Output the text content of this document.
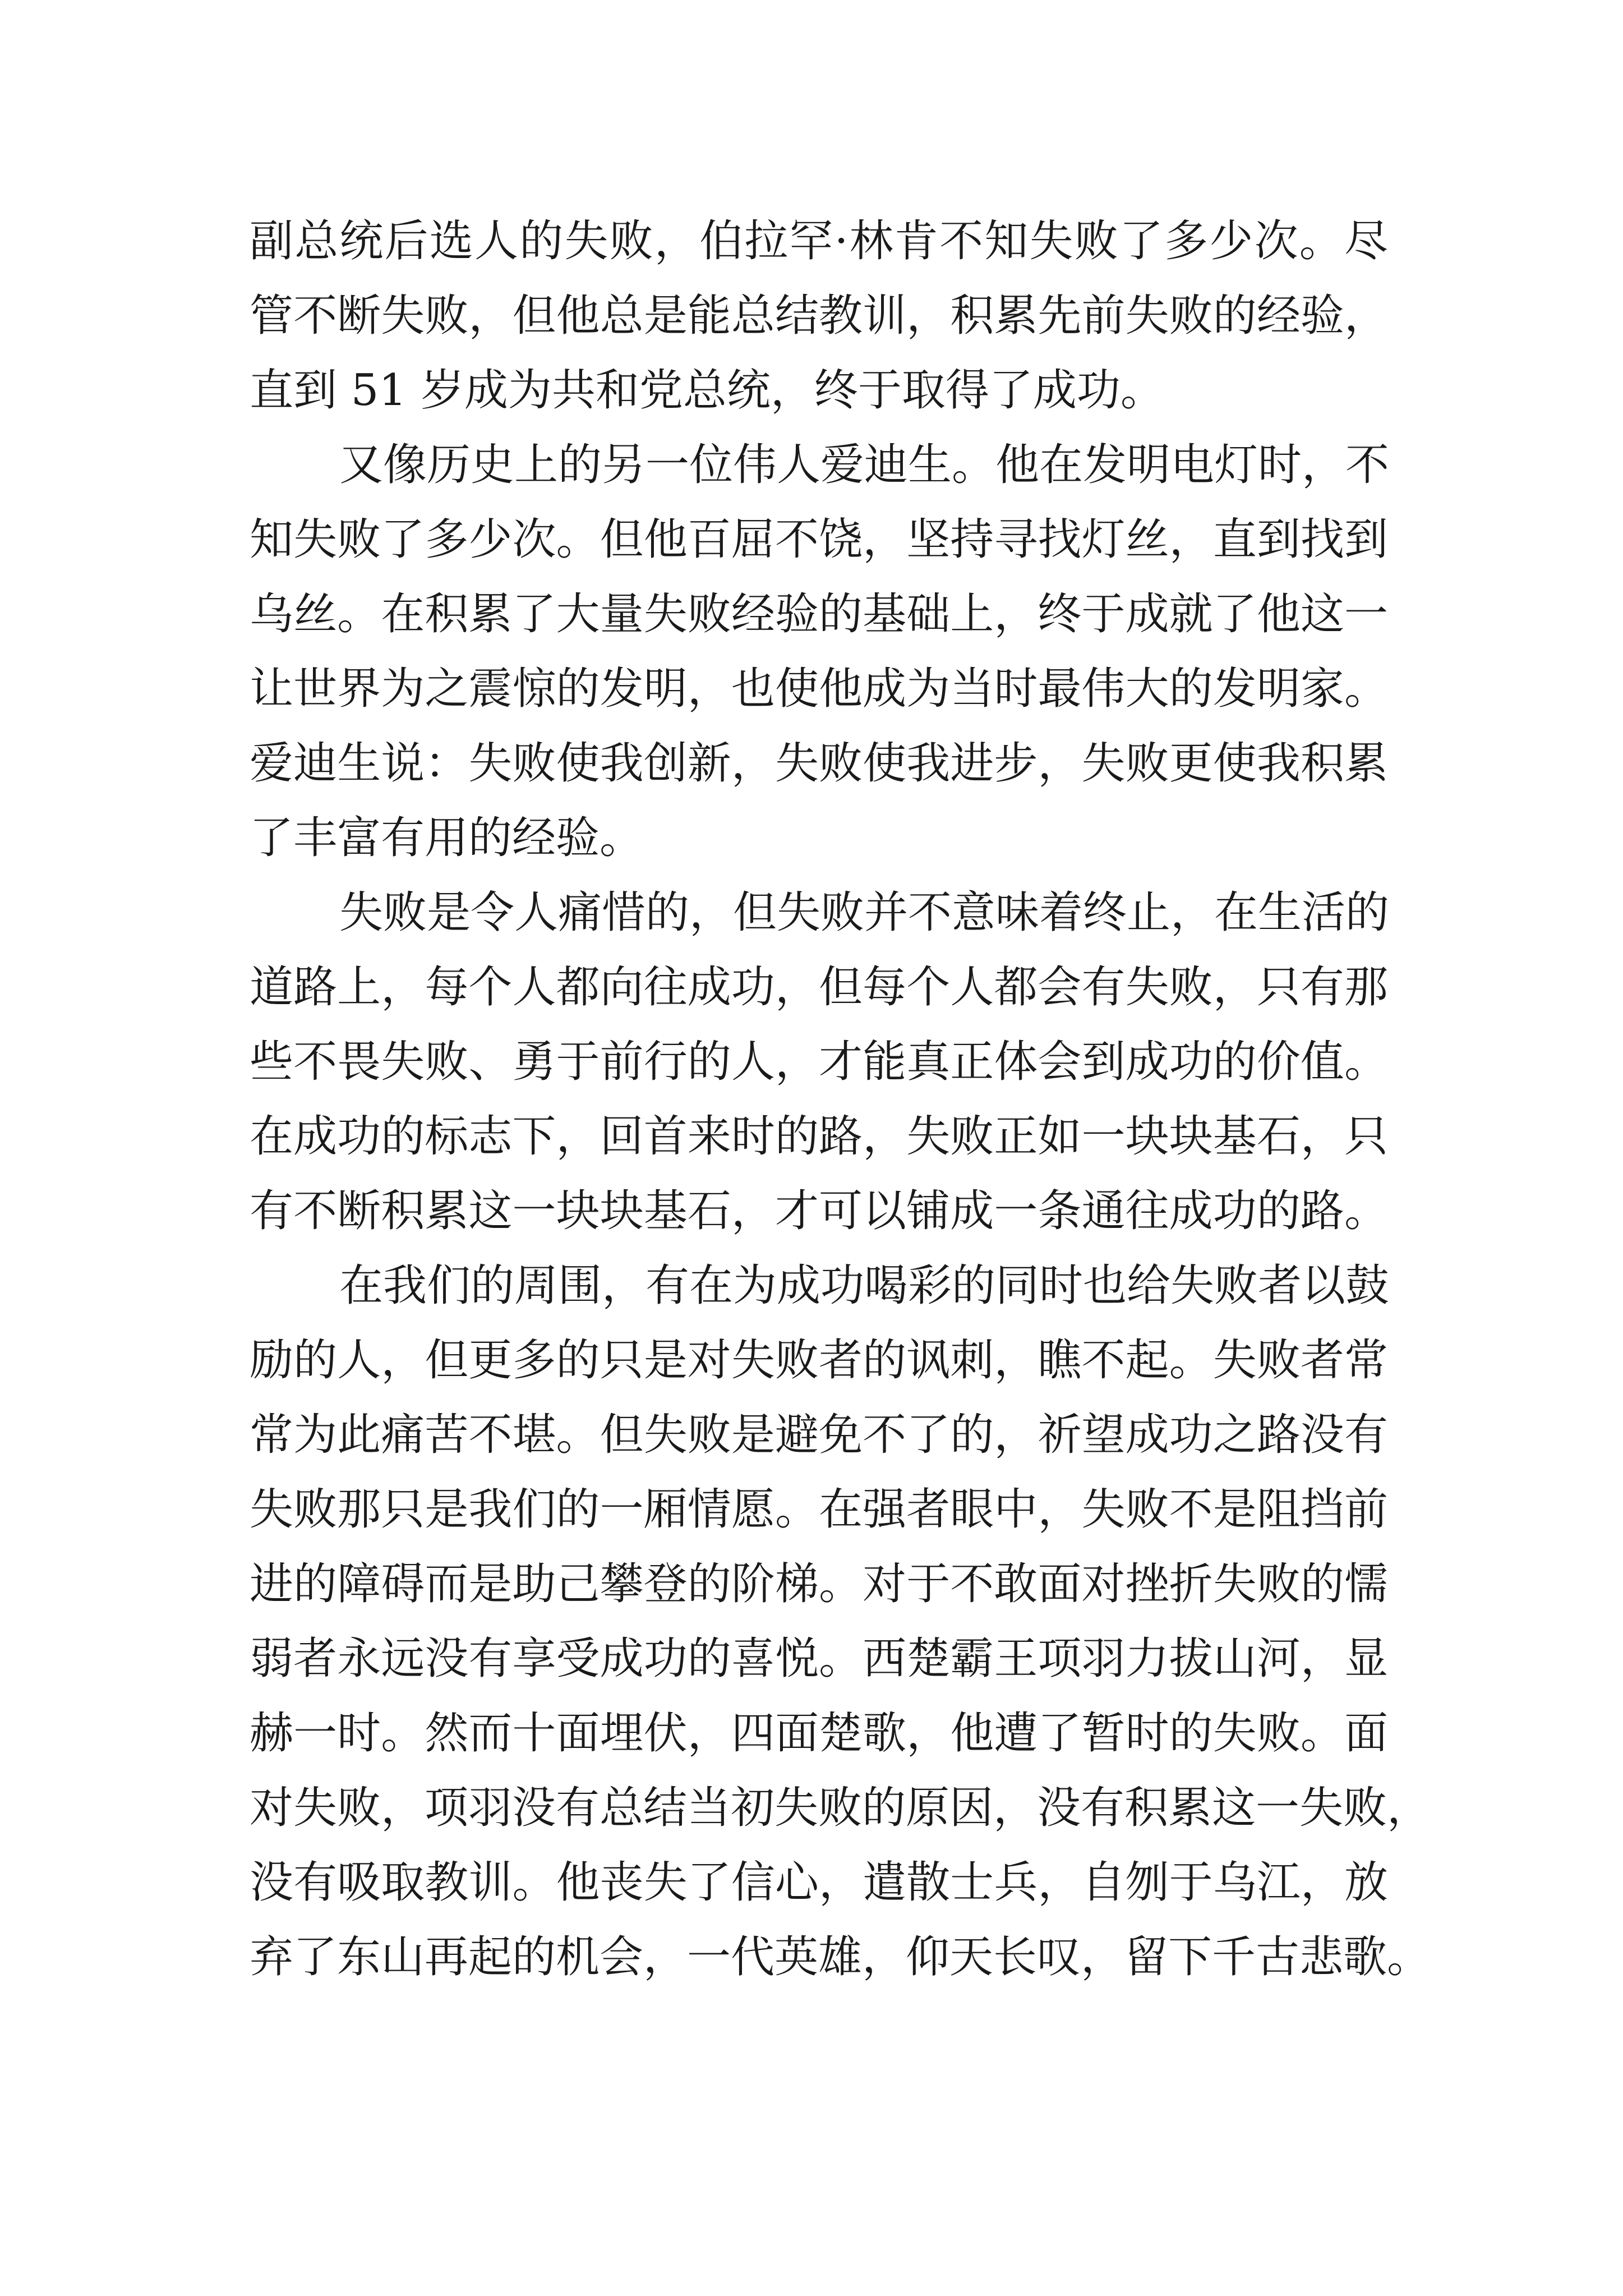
副总统后选人的失败，伯拉罕·林肯不知失败了多少次。尽
管不断失败，但他总是能总结教训，积累先前失败的经验，
直到 51 岁成为共和党总统，终于取得了成功。
又像历史上的另一位伟人爱迪生。他在发明电灯时，不
知失败了多少次。但他百屈不饶，坚持寻找灯丝，直到找到
乌丝。在积累了大量失败经验的基础上，终于成就了他这一
让世界为之震惊的发明，也使他成为当时最伟大的发明家。
爱迪生说：失败使我创新，失败使我进步，失败更使我积累
了丰富有用的经验。
失败是令人痛惜的，但失败并不意味着终止，在生活的
道路上，每个人都向往成功，但每个人都会有失败，只有那
些不畏失败、勇于前行的人，才能真正体会到成功的价值。
在成功的标志下，回首来时的路，失败正如一块块基石，只
有不断积累这一块块基石，才可以铺成一条通往成功的路。
在我们的周围，有在为成功喝彩的同时也给失败者以鼓
励的人，但更多的只是对失败者的讽刺，瞧不起。失败者常
常为此痛苦不堪。但失败是避免不了的，祈望成功之路没有
失败那只是我们的一厢情愿。在强者眼中，失败不是阻挡前
进的障碍而是助己攀登的阶梯。对于不敢面对挫折失败的懦
弱者永远没有享受成功的喜悦。西楚霸王项羽力拔山河，显
赫一时。然而十面埋伏，四面楚歌，他遭了暂时的失败。面
对失败，项羽没有总结当初失败的原因，没有积累这一失败，
没有吸取教训。他丧失了信心，遣散士兵，自刎于乌江，放
弃了东山再起的机会，一代英雄，仰天长叹，留下千古悲歌。
